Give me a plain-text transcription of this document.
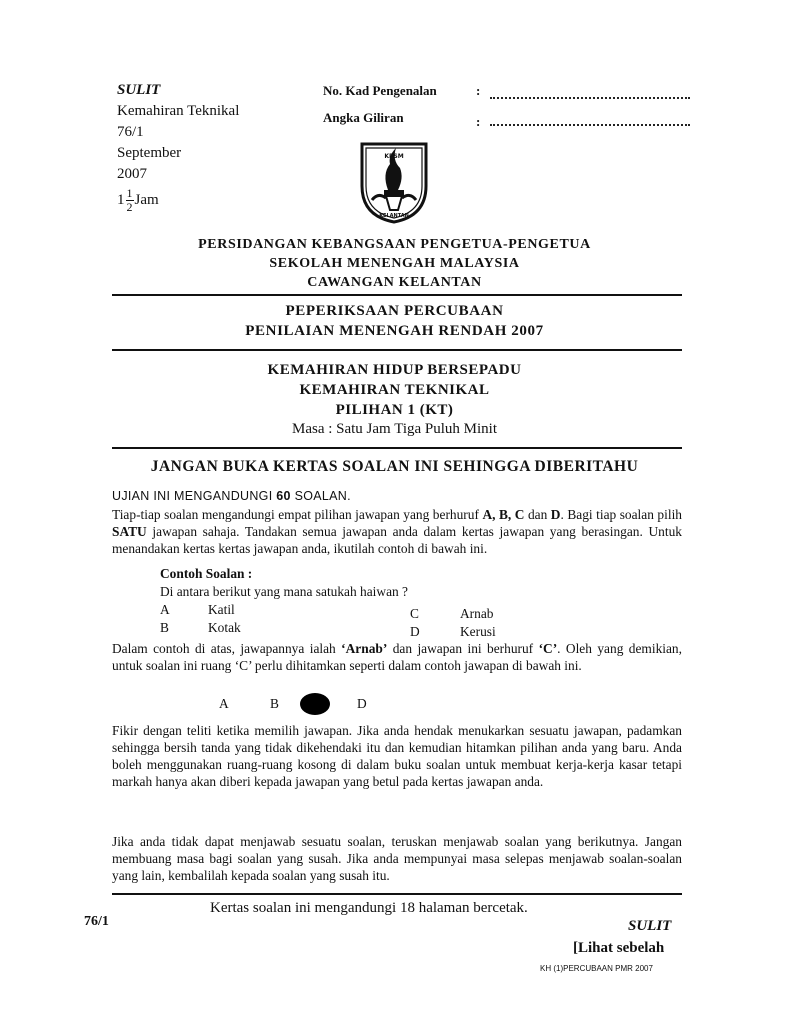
SULIT
Kemahiran Teknikal
76/1
September
2007
$1 \frac{1}{2}$ Jam
No. Kad Pengenalan	:
Angka Giliran	:
KPSM
KELANTAN
PERSIDANGAN KEBANGSAAN PENGETUA-PENGETUA
SEKOLAH MENENGAH MALAYSIA
CAWANGAN KELANTAN
PEPERIKSAAN PERCUBAAN
PENILAIAN MENENGAH RENDAH 2007
KEMAHIRAN HIDUP BERSEPADU
KEMAHIRAN TEKNIKAL
PILIHAN 1 (KT)
Masa : Satu Jam Tiga Puluh Minit
JANGAN BUKA KERTAS SOALAN INI SEHINGGA DIBERITAHU
UJIAN INI MENGANDUNGI 60 SOALAN.
Tiap-tiap soalan mengandungi empat pilihan jawapan yang berhuruf A, B, C dan D. Bagi tiap soalan pilih SATU jawapan sahaja. Tandakan semua jawapan anda dalam kertas jawapan yang berasingan. Untuk menandakan kertas kertas jawapan anda, ikutilah contoh di bawah ini.
Contoh Soalan :
Di antara berikut yang mana satukah haiwan ?
A	Katil
B	Kotak
C	Arnab
D	Kerusi
Dalam contoh di atas, jawapannya ialah ‘Arnab’ dan jawapan ini berhuruf ‘C’. Oleh yang demikian, untuk soalan ini ruang ‘C’ perlu dihitamkan seperti dalam contoh jawapan di bawah ini.
A	B	C	D
Fikir dengan teliti ketika memilih jawapan. Jika anda hendak menukarkan sesuatu jawapan, padamkan sehingga bersih tanda yang tidak dikehendaki itu dan kemudian hitamkan pilihan anda yang baru. Anda boleh menggunakan ruang-ruang kosong di dalam buku soalan untuk membuat kerja-kerja kasar tetapi markah hanya akan diberi kepada jawapan yang betul pada kertas jawapan anda.
Jika anda tidak dapat menjawab sesuatu soalan, teruskan menjawab soalan yang berikutnya. Jangan membuang masa bagi soalan yang susah. Jika anda mempunyai masa selepas menjawab soalan-soalan yang lain, kembalilah kepada soalan yang susah itu.
Kertas soalan ini mengandungi 18 halaman bercetak.
76/1	SULIT
[Lihat sebelah
KH (1)PERCUBAAN PMR 2007
